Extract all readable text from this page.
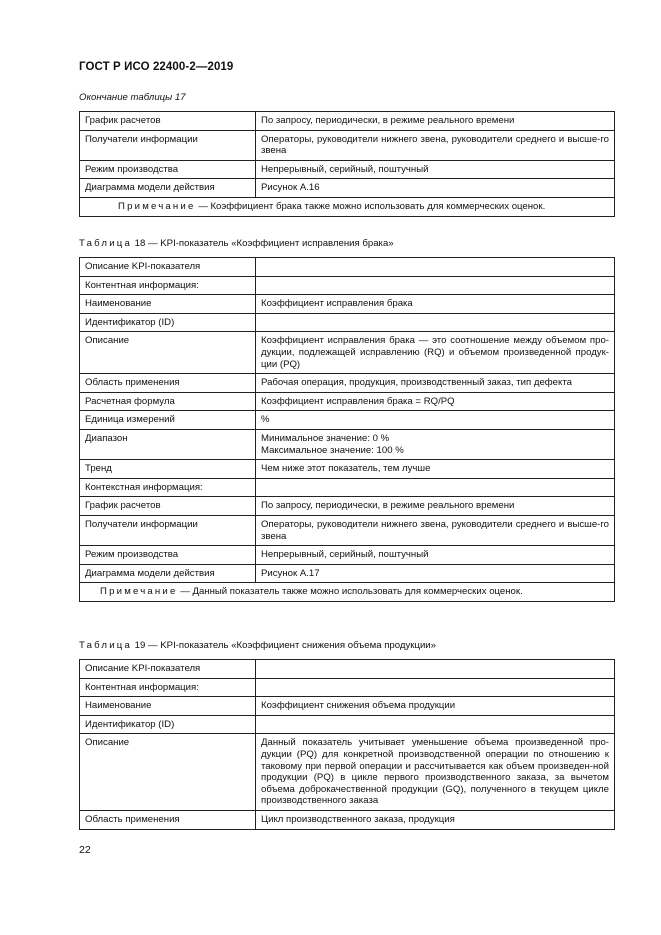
ГОСТ Р ИСО 22400-2—2019
Окончание таблицы 17
График расчетов	По запросу, периодически, в режиме реального времени
Получатели информации	Операторы, руководители нижнего звена, руководители среднего и высше-го звена
Режим производства	Непрерывный, серийный, поштучный
Диаграмма модели действия	Рисунок А.16
Примечание — Коэффициент брака также можно использовать для коммерческих оценок.	
Таблица 18 — KPI-показатель «Коэффициент исправления брака»
Описание KPI-показателя	
Контентная информация:	
Наименование	Коэффициент исправления брака
Идентификатор (ID)	
Описание	Коэффициент исправления брака — это соотношение между объемом про-дукции, подлежащей исправлению (RQ) и объемом произведенной продук-ции (PQ)
Область применения	Рабочая операция, продукция, производственный заказ, тип дефекта
Расчетная формула	Коэффициент исправления брака = RQ/PQ
Единица измерений	%
Диапазон	Минимальное значение: 0 %
Максимальное значение: 100 %
Тренд	Чем ниже этот показатель, тем лучше
Контекстная информация:	
График расчетов	По запросу, периодически, в режиме реального времени
Получатели информации	Операторы, руководители нижнего звена, руководители среднего и высше-го звена
Режим производства	Непрерывный, серийный, поштучный
Диаграмма модели действия	Рисунок А.17
Примечание — Данный показатель также можно использовать для коммерческих оценок.	
Таблица 19 — KPI-показатель «Коэффициент снижения объема продукции»
Описание KPI-показателя	
Контентная информация:	
Наименование	Коэффициент снижения объема продукции
Идентификатор (ID)	
Описание	Данный показатель учитывает уменьшение объема произведенной про-дукции (PQ) для конкретной производственной операции по отношению к таковому при первой операции и рассчитывается как объем произведен-ной продукции (PQ) в цикле первого производственного заказа, за вычетом объема доброкачественной продукции (GQ), полученного в текущем цикле производственного заказа
Область применения	Цикл производственного заказа, продукция
22
